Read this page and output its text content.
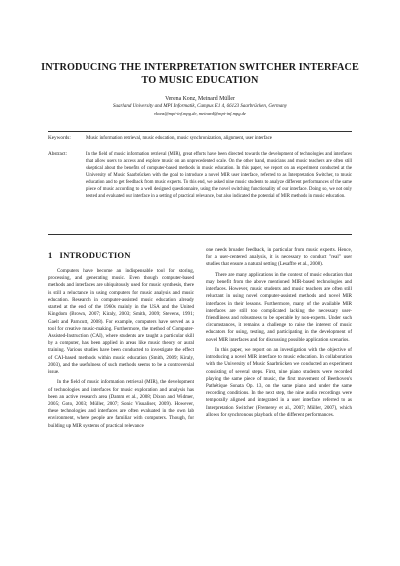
INTRODUCING THE INTERPRETATION SWITCHER INTERFACE
TO MUSIC EDUCATION
Verena Konz, Meinard Müller
Saarland University and MPI Informatik, Campus E1 4, 66123 Saarbrücken, Germany
vkonz@mpi-inf.mpg.de, meinard@mpi-inf.mpg.de
Keywords:	Music information retrieval, music education, music synchronization, alignment, user interface
Abstract:	In the field of music information retrieval (MIR), great efforts have been directed towards the development of technologies and interfaces that allow users to access and explore music on an unprecedented scale. On the other hand, musicians and music teachers are often still skeptical about the benefits of computer-based methods in music education. In this paper, we report on an experiment conducted at the University of Music Saarbrücken with the goal to introduce a novel MIR user interface, referred to as Interpretation Switcher, to music education and to get feedback from music experts. To this end, we asked nine music students to analyze different performances of the same piece of music according to a well designed questionnaire, using the novel switching functionality of our interface. Doing so, we not only tested and evaluated our interface in a setting of practical relevance, but also indicated the potential of MIR methods in music education.
1 INTRODUCTION

Computers have become an indispensable tool for storing, processing, and generating music. Even though computer-based methods and interfaces are ubiquitously used for music synthesis, there is still a reluctance in using computers for music analysis and music education. Research in computer-assisted music education already started at the end of the 1960s mainly in the USA and the United Kingdom (Brown, 2007; Kiraly, 2003; Smith, 2009; Stevens, 1991; Gaelt and Parncutt, 2008). For example, computers have served as a tool for creative music-making. Furthermore, the method of Computer-Assisted-Instruction (CAI), where students are taught a particular skill by a computer, has been applied in areas like music theory or aural training. Various studies have been conducted to investigate the effect of CAI-based methods within music education (Smith, 2009; Kiraly, 2003), and the usefulness of such methods seems to be a controversial issue.

In the field of music information retrieval (MIR), the development of technologies and interfaces for music exploration and analysis has been an active research area (Damm et al., 2008; Dixon and Widmer, 2005; Goto, 2003; Müller, 2007; Sonic Visualiser, 2009). However, these technologies and interfaces are often evaluated in the own lab environment, where people are familiar with computers. Though, for building up MIR systems of practical relevance

one needs broader feedback, in particular from music experts. Hence, for a user-centered analysis, it is necessary to conduct "real" user studies that ensure a natural setting (Lesaffre et al., 2008).

There are many applications in the context of music education that may benefit from the above mentioned MIR-based technologies and interfaces. However, music students and music teachers are often still reluctant in using novel computer-assisted methods and novel MIR interfaces in their lessons. Furthermore, many of the available MIR interfaces are still too complicated lacking the necessary user-friendliness and robustness to be operable by non-experts. Under such circumstances, it remains a challenge to raise the interest of music educators for using, testing, and participating in the development of novel MIR interfaces and for discussing possible application scenarios.

In this paper, we report on an investigation with the objective of introducing a novel MIR interface to music education. In collaboration with the University of Music Saarbrücken we conducted an experiment consisting of several steps. First, nine piano students were recorded playing the same piece of music, the first movement of Beethoven's Pathétique Sonata Op. 13, on the same piano and under the same recording conditions. In the next step, the nine audio recordings were temporally aligned and integrated in a user interface referred to as Interpretation Switcher (Fremerey et al., 2007; Müller, 2007), which allows for synchronous playback of the different performances.
